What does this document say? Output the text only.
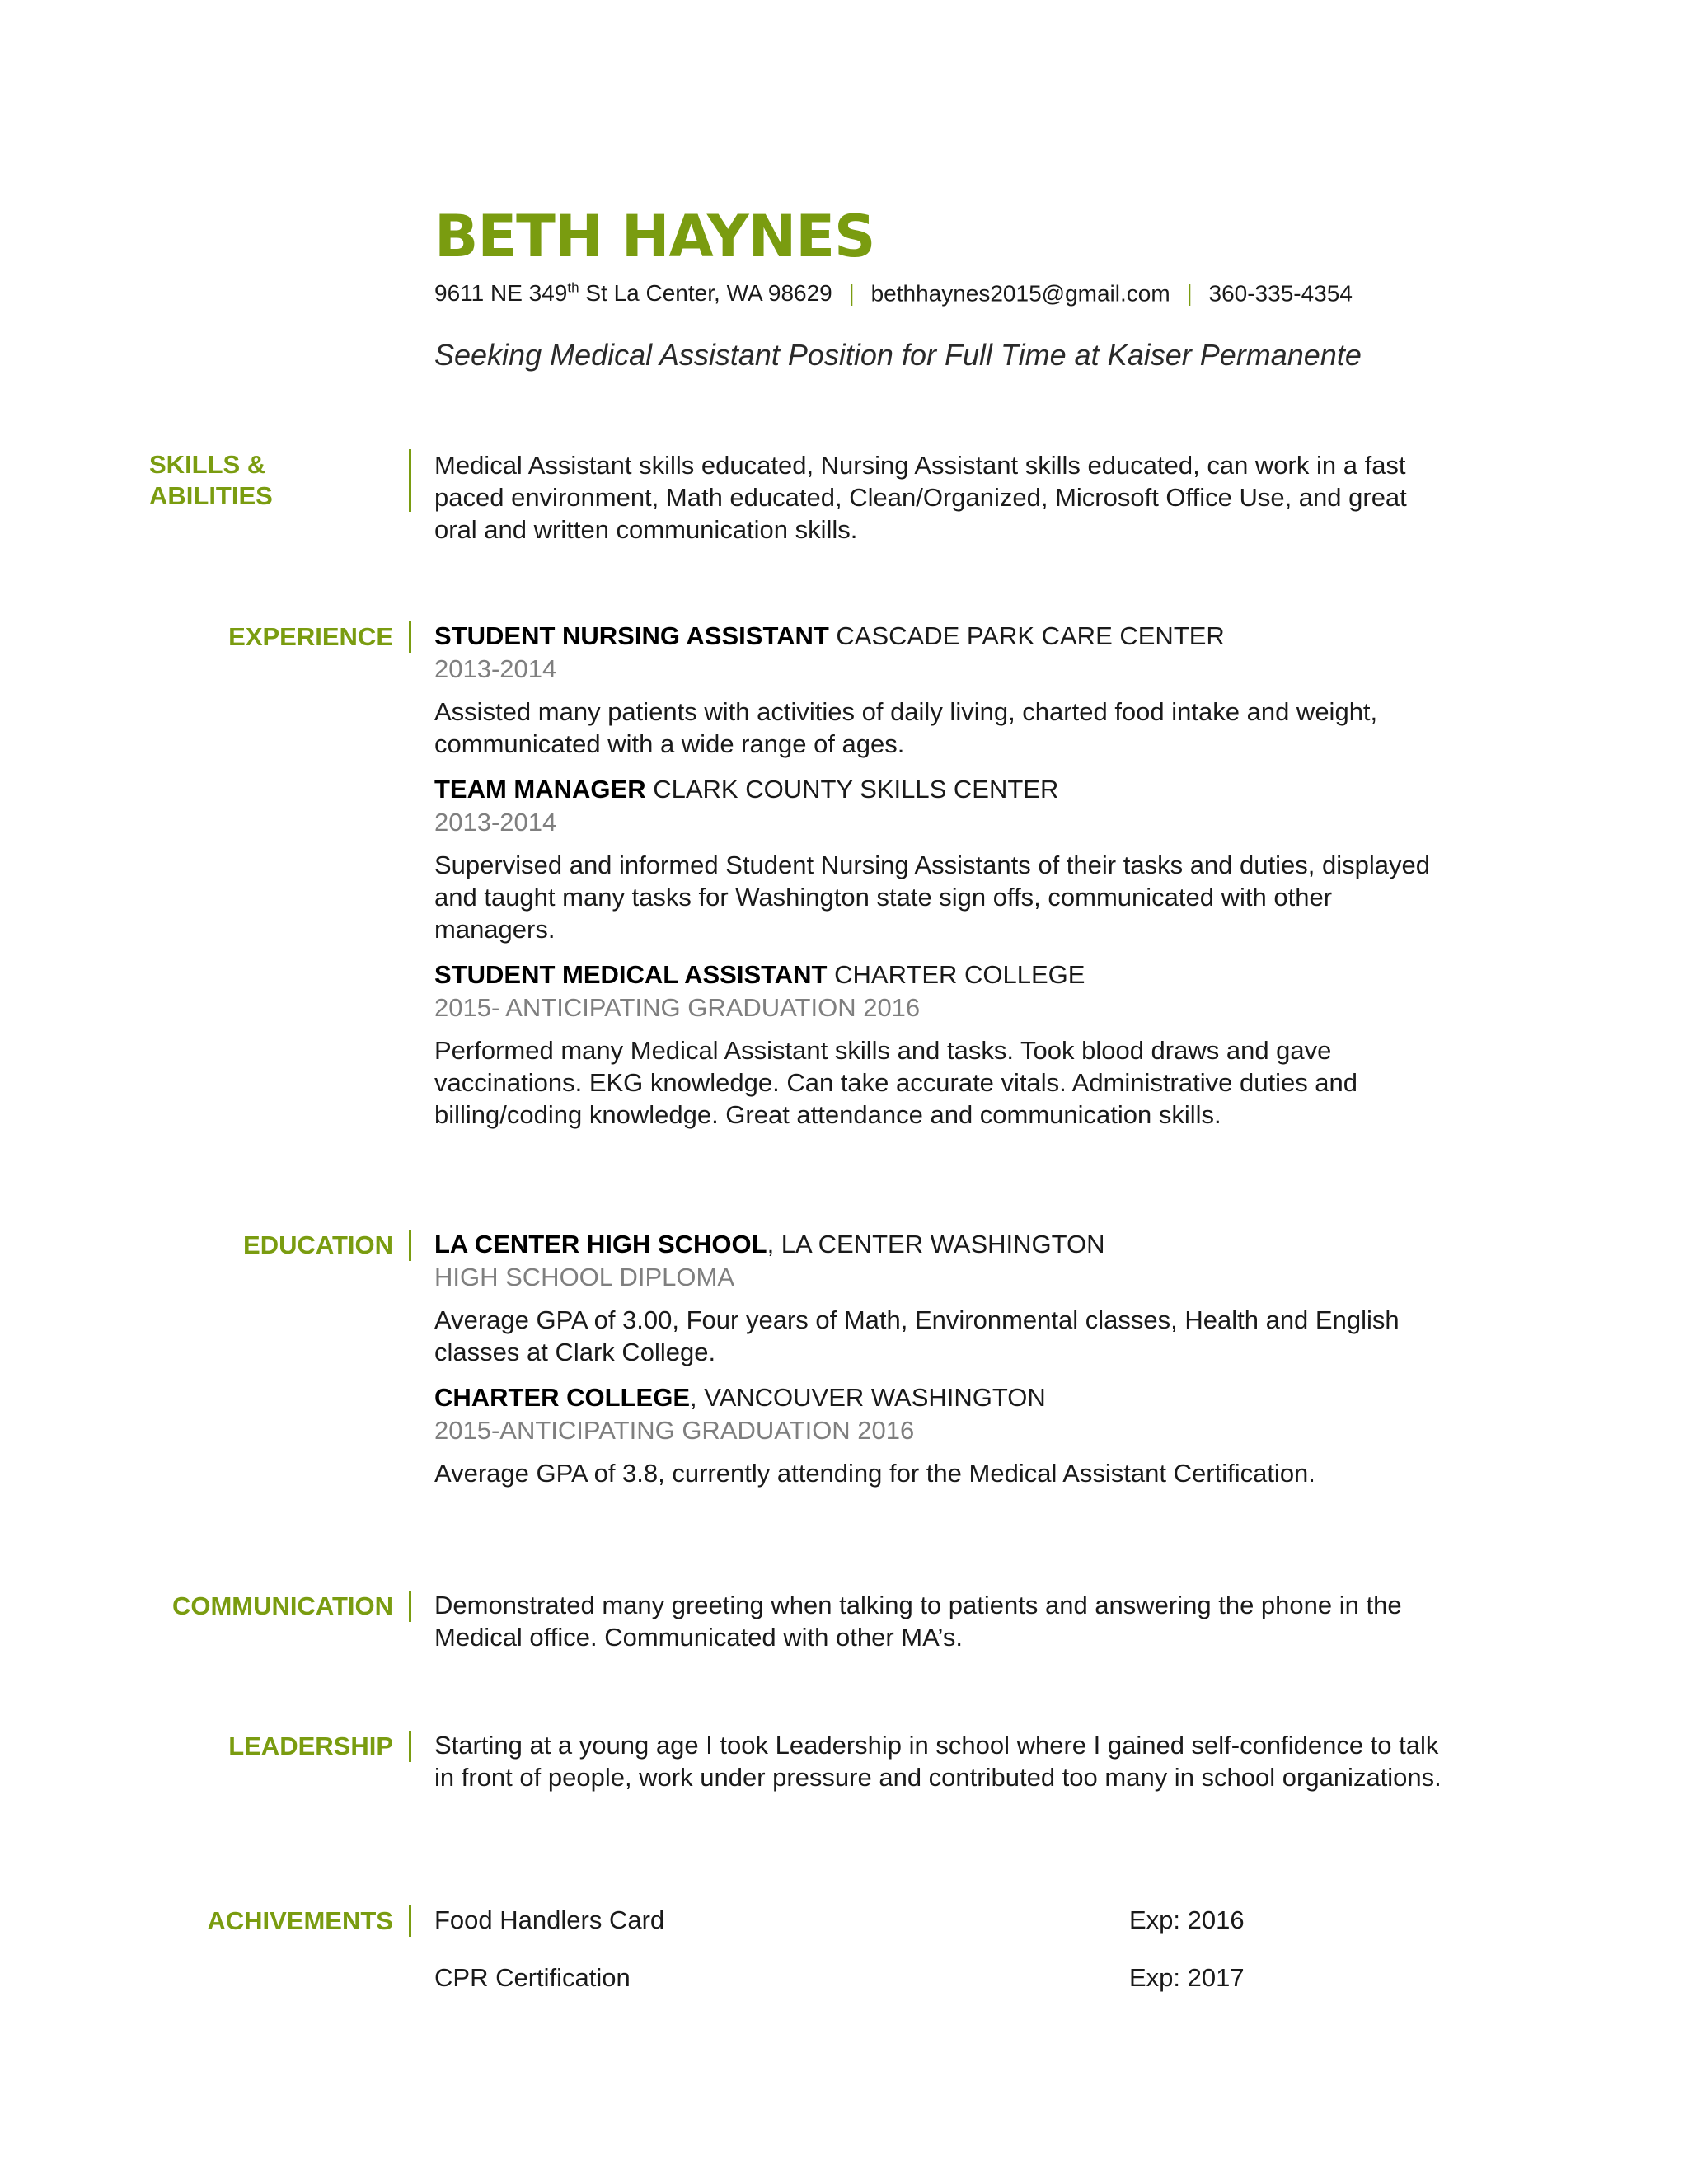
BETH HAYNES
9611 NE 349th St La Center, WA 98629 | bethhaynes2015@gmail.com | 360-335-4354
Seeking Medical Assistant Position for Full Time at Kaiser Permanente
SKILLS &
ABILITIES

Medical Assistant skills educated, Nursing Assistant skills educated, can work in a fast paced environment, Math educated, Clean/Organized, Microsoft Office Use, and great oral and written communication skills.

EXPERIENCE STUDENT NURSING ASSISTANT CASCADE PARK CARE CENTER
2013-2014

Assisted many patients with activities of daily living, charted food intake and weight, communicated with a wide range of ages.

TEAM MANAGER CLARK COUNTY SKILLS CENTER
2013-2014

Supervised and informed Student Nursing Assistants of their tasks and duties, displayed and taught many tasks for Washington state sign offs, communicated with other managers.

STUDENT MEDICAL ASSISTANT CHARTER COLLEGE
2015- ANTICIPATING GRADUATION 2016

Performed many Medical Assistant skills and tasks. Took blood draws and gave vaccinations. EKG knowledge. Can take accurate vitals. Administrative duties and billing/coding knowledge. Great attendance and communication skills.

EDUCATION LA CENTER HIGH SCHOOL, LA CENTER WASHINGTON
HIGH SCHOOL DIPLOMA

Average GPA of 3.00, Four years of Math, Environmental classes, Health and English classes at Clark College.

CHARTER COLLEGE, VANCOUVER WASHINGTON
2015-ANTICIPATING GRADUATION 2016

Average GPA of 3.8, currently attending for the Medical Assistant Certification.

COMMUNICATION Demonstrated many greeting when talking to patients and answering the phone in the Medical office. Communicated with other MA’s.

LEADERSHIP Starting at a young age I took Leadership in school where I gained self-confidence to talk in front of people, work under pressure and contributed too many in school organizations.

ACHIVEMENTS Food Handlers Card	Exp: 2016
CPR Certification	Exp: 2017
